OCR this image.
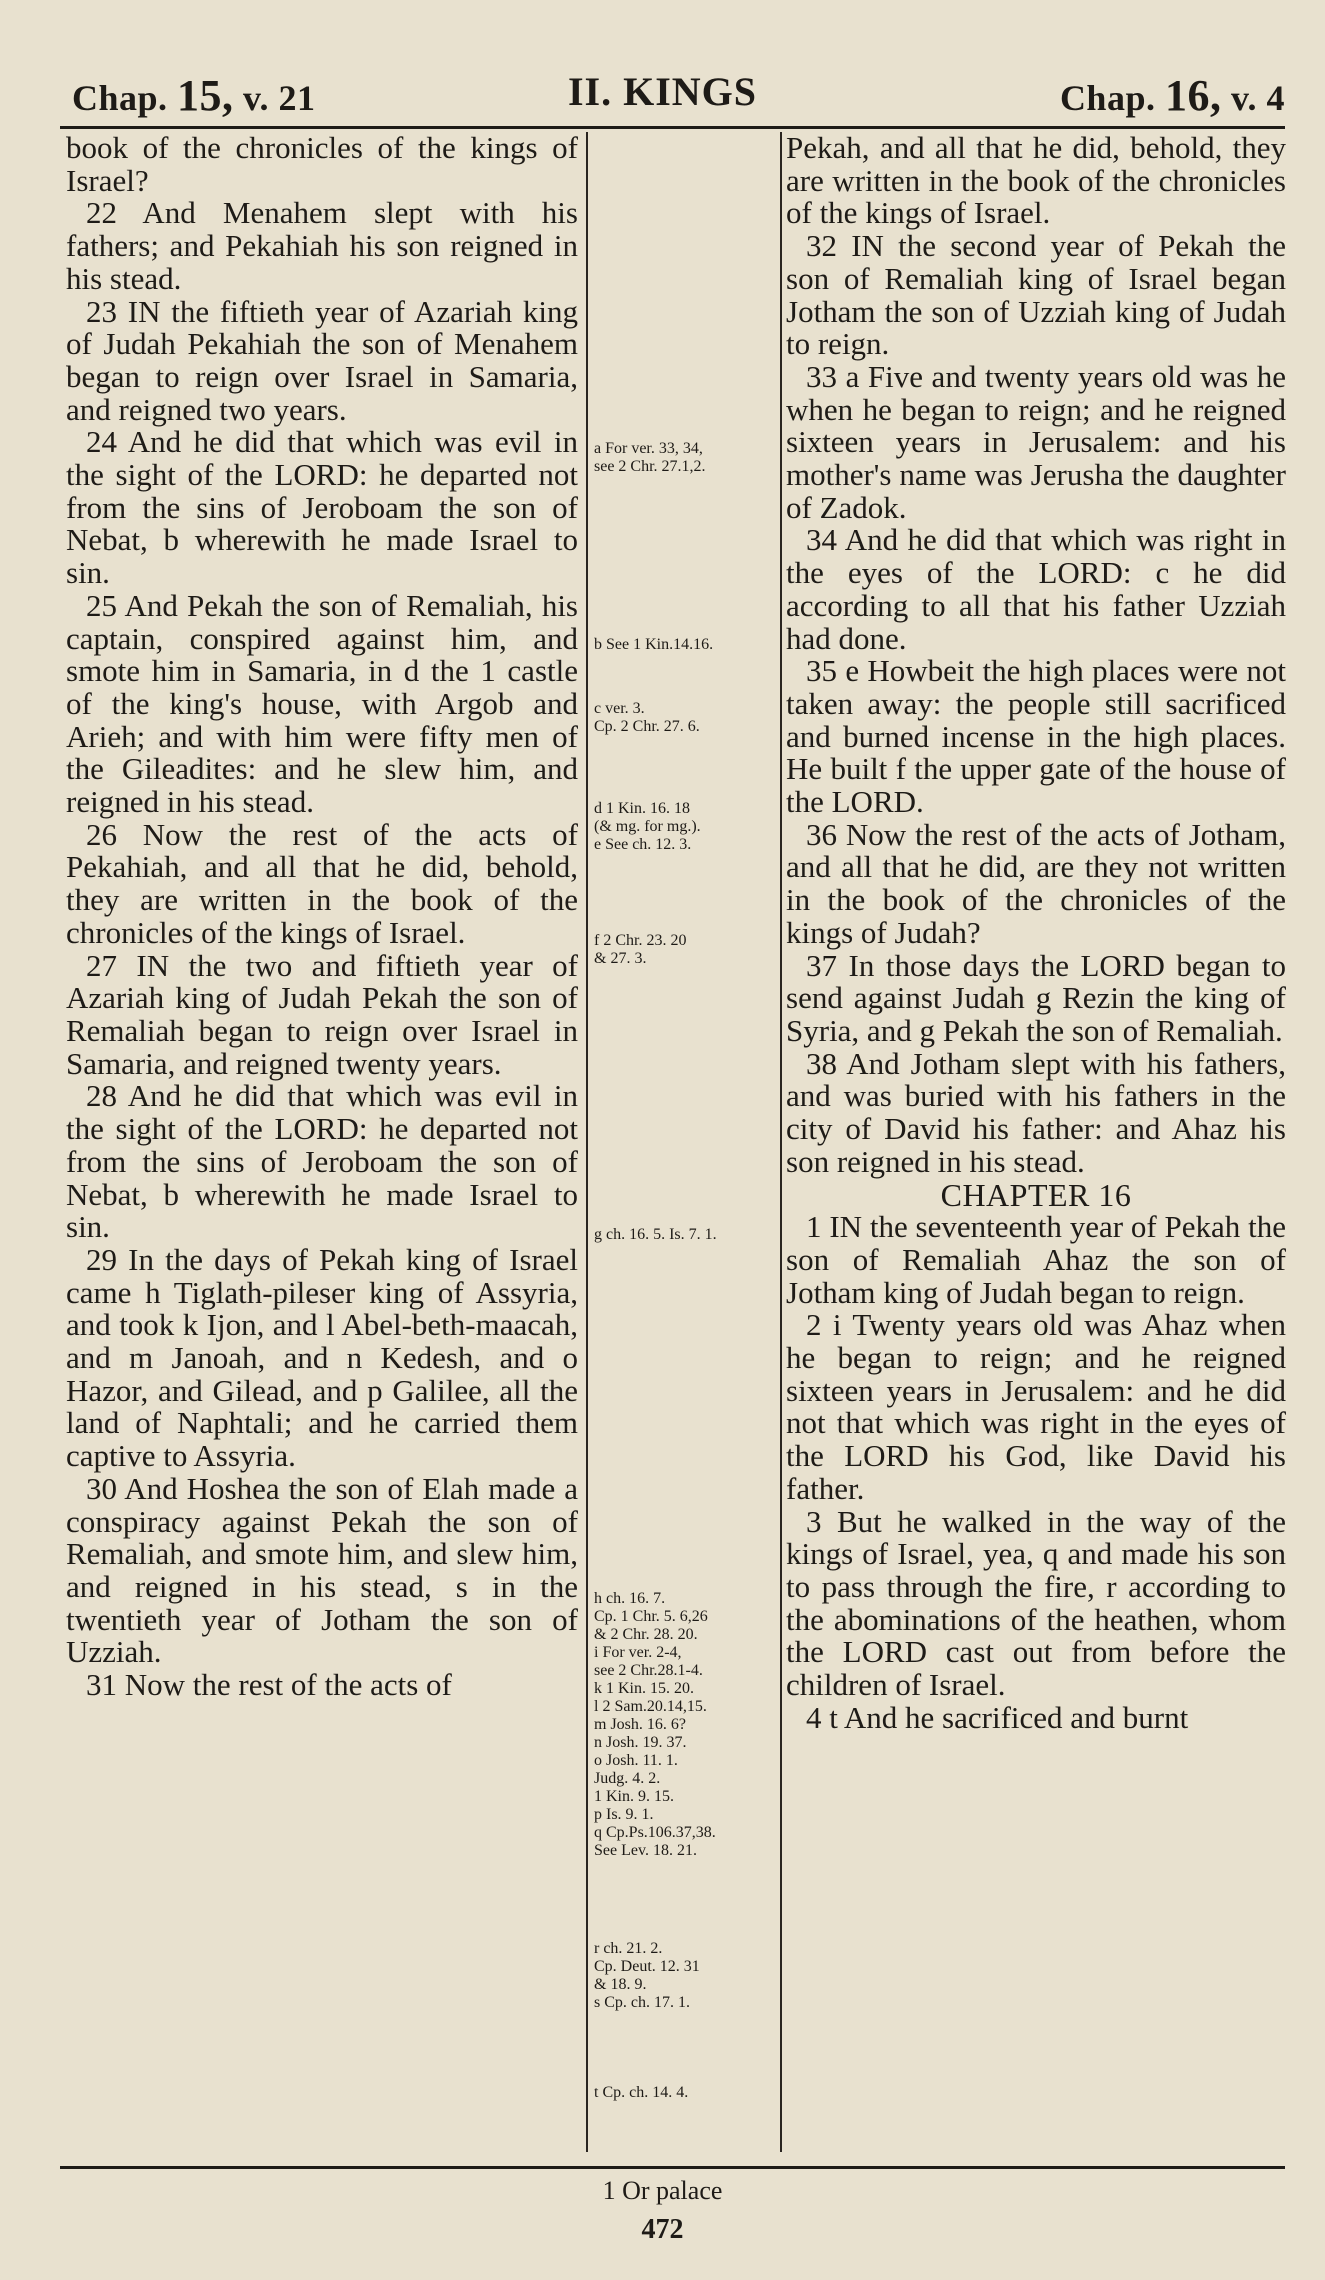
Chap. 15, v. 21	II. KINGS	Chap. 16, v. 4

book of the chronicles of the kings of Israel?

22 And Menahem slept with his fathers; and Pekahiah his son reigned in his stead.

23 IN the fiftieth year of Azariah king of Judah Pekahiah the son of Menahem began to reign over Israel in Samaria, and reigned two years.

24 And he did that which was evil in the sight of the LORD: he departed not from the sins of Jeroboam the son of Nebat, b wherewith he made Israel to sin.

25 And Pekah the son of Remaliah, his captain, conspired against him, and smote him in Samaria, in d the 1 castle of the king's house, with Argob and Arieh; and with him were fifty men of the Gileadites: and he slew him, and reigned in his stead.

26 Now the rest of the acts of Pekahiah, and all that he did, behold, they are written in the book of the chronicles of the kings of Israel.

27 IN the two and fiftieth year of Azariah king of Judah Pekah the son of Remaliah began to reign over Israel in Samaria, and reigned twenty years.

28 And he did that which was evil in the sight of the LORD: he departed not from the sins of Jeroboam the son of Nebat, b wherewith he made Israel to sin.

29 In the days of Pekah king of Israel came h Tiglath-pileser king of Assyria, and took k Ijon, and l Abel-beth-maacah, and m Janoah, and n Kedesh, and o Hazor, and Gilead, and p Galilee, all the land of Naphtali; and he carried them captive to Assyria.

30 And Hoshea the son of Elah made a conspiracy against Pekah the son of Remaliah, and smote him, and slew him, and reigned in his stead, s in the twentieth year of Jotham the son of Uzziah.

31 Now the rest of the acts of

a For ver. 33, 34,
see 2 Chr. 27.1,2.
b See 1 Kin.14.16.
c ver. 3.
Cp. 2 Chr. 27. 6.
d 1 Kin. 16. 18
(& mg. for mg.).
e See ch. 12. 3.
f 2 Chr. 23. 20
& 27. 3.
g ch. 16. 5. Is. 7. 1.
h ch. 16. 7.
Cp. 1 Chr. 5. 6,26
& 2 Chr. 28. 20.
i For ver. 2-4,
see 2 Chr.28.1-4.
k 1 Kin. 15. 20.
l 2 Sam.20.14,15.
m Josh. 16. 6?
n Josh. 19. 37.
o Josh. 11. 1.
Judg. 4. 2.
1 Kin. 9. 15.
p Is. 9. 1.
q Cp.Ps.106.37,38.
See Lev. 18. 21.
r ch. 21. 2.
Cp. Deut. 12. 31
& 18. 9.
s Cp. ch. 17. 1.
t Cp. ch. 14. 4.

Pekah, and all that he did, behold, they are written in the book of the chronicles of the kings of Israel.

32 IN the second year of Pekah the son of Remaliah king of Israel began Jotham the son of Uzziah king of Judah to reign.

33 a Five and twenty years old was he when he began to reign; and he reigned sixteen years in Jerusalem: and his mother's name was Jerusha the daughter of Zadok.

34 And he did that which was right in the eyes of the LORD: c he did according to all that his father Uzziah had done.

35 e Howbeit the high places were not taken away: the people still sacrificed and burned incense in the high places. He built f the upper gate of the house of the LORD.

36 Now the rest of the acts of Jotham, and all that he did, are they not written in the book of the chronicles of the kings of Judah?

37 In those days the LORD began to send against Judah g Rezin the king of Syria, and g Pekah the son of Remaliah.

38 And Jotham slept with his fathers, and was buried with his fathers in the city of David his father: and Ahaz his son reigned in his stead.

CHAPTER 16

1 IN the seventeenth year of Pekah the son of Remaliah Ahaz the son of Jotham king of Judah began to reign.

2 i Twenty years old was Ahaz when he began to reign; and he reigned sixteen years in Jerusalem: and he did not that which was right in the eyes of the LORD his God, like David his father.

3 But he walked in the way of the kings of Israel, yea, q and made his son to pass through the fire, r according to the abominations of the heathen, whom the LORD cast out from before the children of Israel.

4 t And he sacrificed and burnt

1 Or palace
472
